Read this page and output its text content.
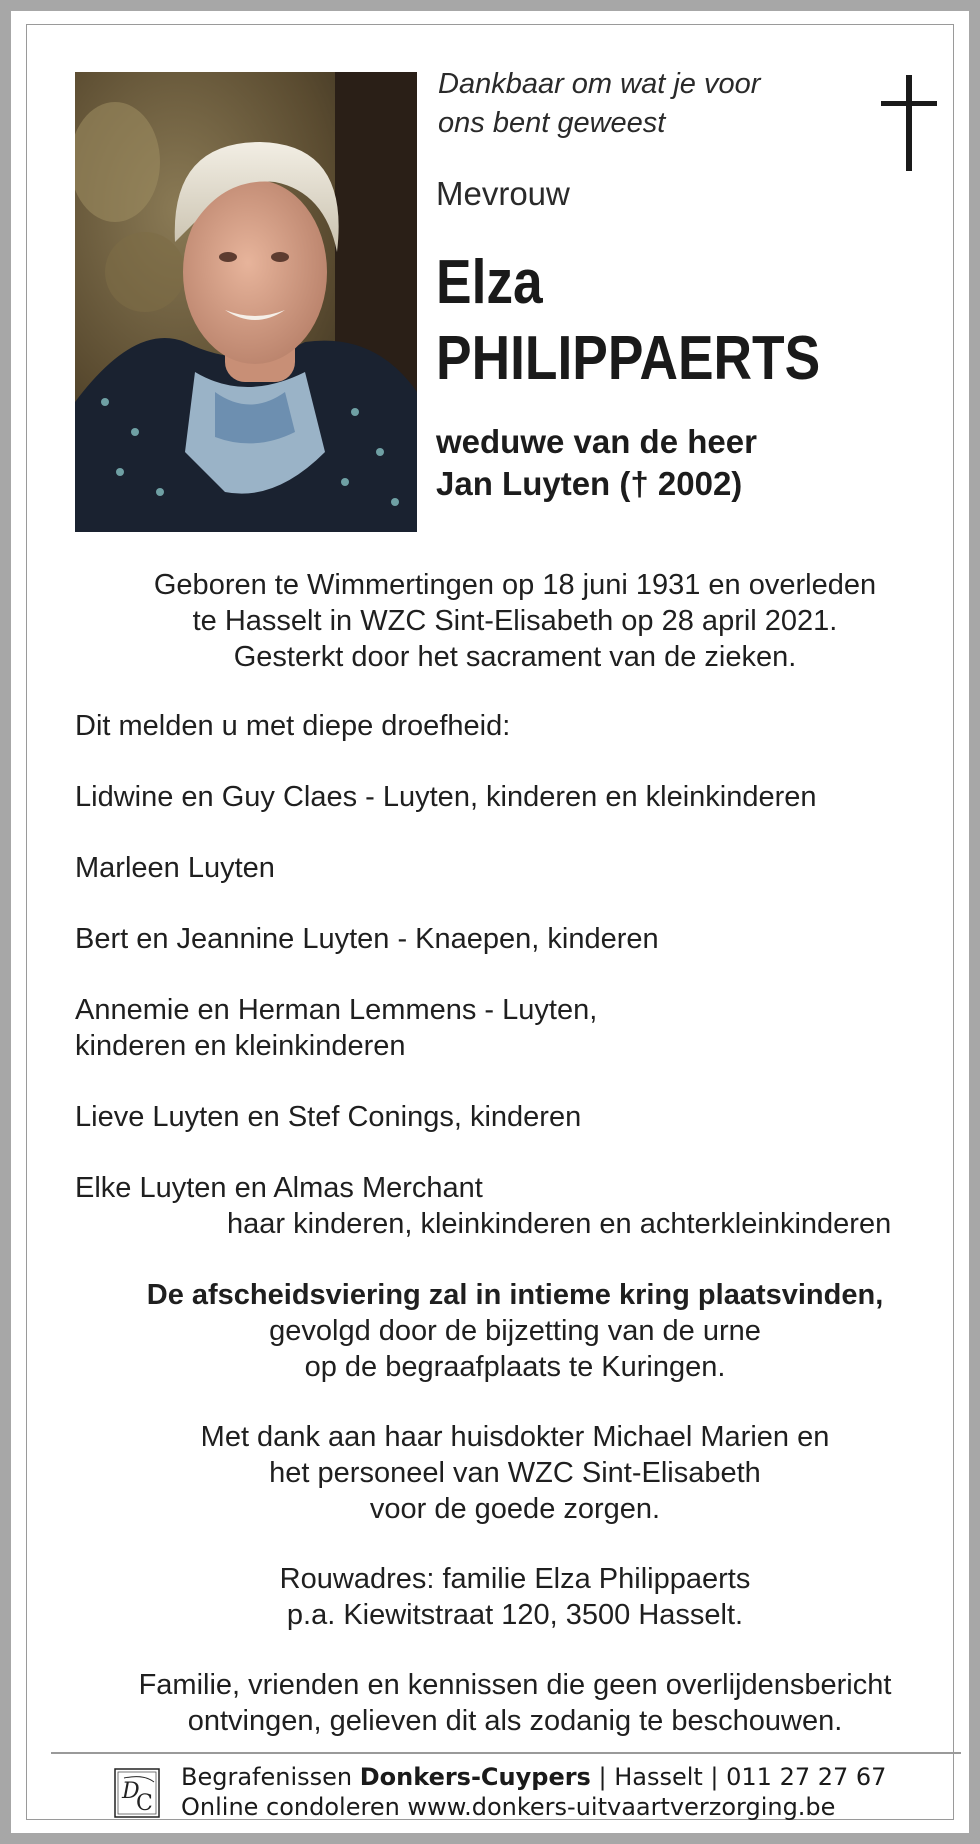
Dankbaar om wat je voor
ons bent geweest
Mevrouw
Elza
PHILIPPAERTS
weduwe van de heer
Jan Luyten († 2002)
Geboren te Wimmertingen op 18 juni 1931 en overleden
te Hasselt in WZC Sint-Elisabeth op 28 april 2021.
Gesterkt door het sacrament van de zieken.
Dit melden u met diepe droefheid:
Lidwine en Guy Claes - Luyten, kinderen en kleinkinderen
Marleen Luyten
Bert en Jeannine Luyten - Knaepen, kinderen
Annemie en Herman Lemmens - Luyten,
kinderen en kleinkinderen
Lieve Luyten en Stef Conings, kinderen
Elke Luyten en Almas Merchant
haar kinderen, kleinkinderen en achterkleinkinderen
De afscheidsviering zal in intieme kring plaatsvinden,
gevolgd door de bijzetting van de urne
op de begraafplaats te Kuringen.
Met dank aan haar huisdokter Michael Marien en
het personeel van WZC Sint-Elisabeth
voor de goede zorgen.
Rouwadres: familie Elza Philippaerts
p.a. Kiewitstraat 120, 3500 Hasselt.
Familie, vrienden en kennissen die geen overlijdensbericht
ontvingen, gelieven dit als zodanig te beschouwen.
D
C
Begrafenissen Donkers-Cuypers | Hasselt | 011 27 27 67
Online condoleren www.donkers-uitvaartverzorging.be
